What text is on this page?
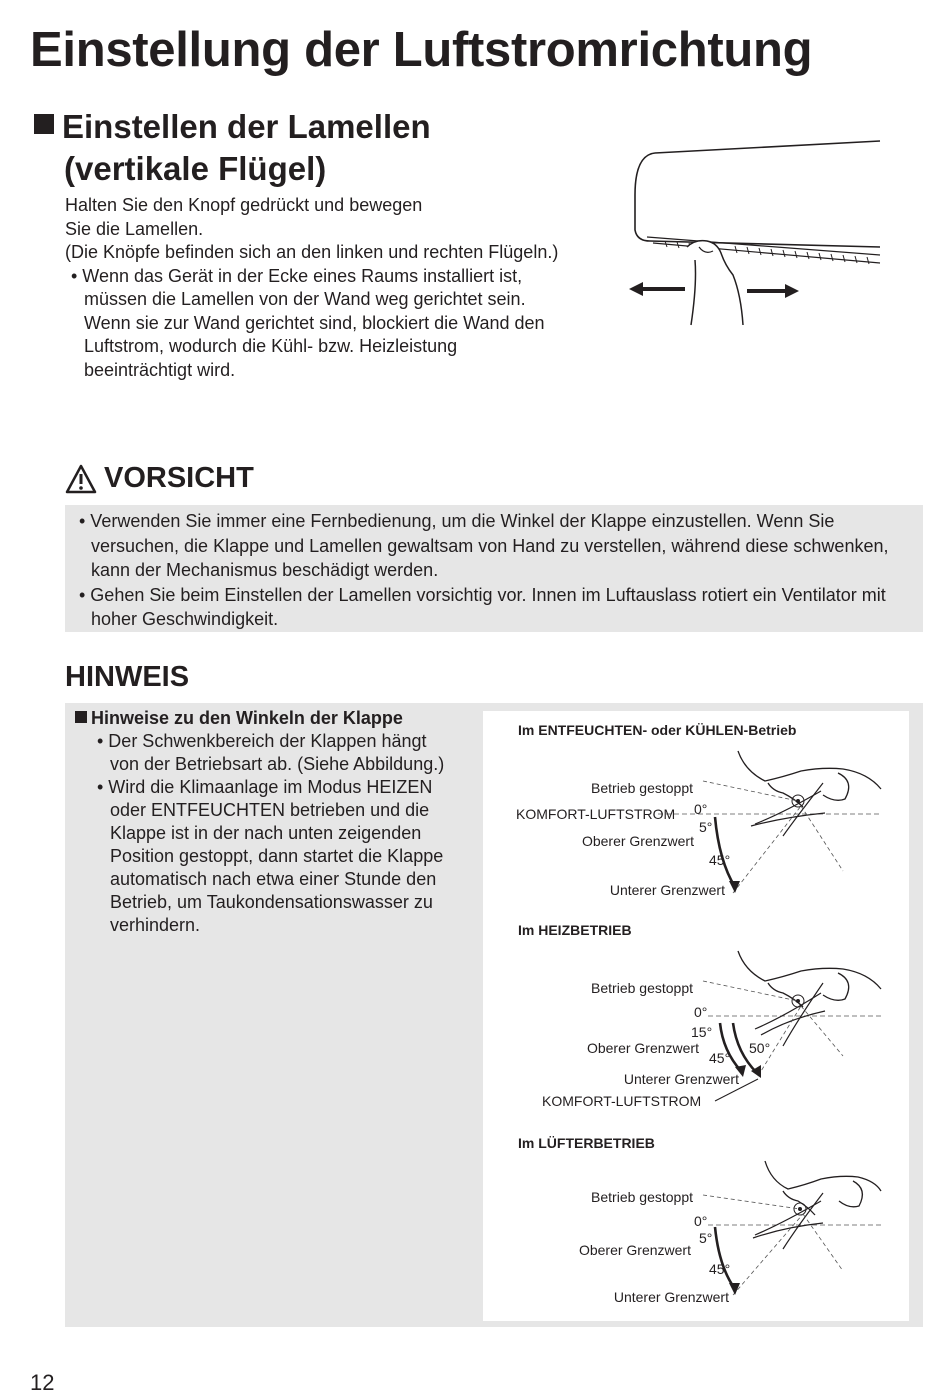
Einstellung der Luftstromrichtung
Einstellen der Lamellen
(vertikale Flügel)

Halten Sie den Knopf gedrückt und bewegen

Sie die Lamellen.

(Die Knöpfe befinden sich an den linken und rechten Flügeln.)

• Wenn das Gerät in der Ecke eines Raums installiert ist,

müssen die Lamellen von der Wand weg gerichtet sein.

Wenn sie zur Wand gerichtet sind, blockiert die Wand den

Luftstrom, wodurch die Kühl- bzw. Heizleistung

beeinträchtigt wird.

VORSICHT

• Verwenden Sie immer eine Fernbedienung, um die Winkel der Klappe einzustellen. Wenn Sie versuchen, die Klappe und Lamellen gewaltsam von Hand zu verstellen, während diese schwenken, kann der Mechanismus beschädigt werden.

• Gehen Sie beim Einstellen der Lamellen vorsichtig vor. Innen im Luftauslass rotiert ein Ventilator mit hoher Geschwindigkeit.

HINWEIS

Hinweise zu den Winkeln der Klappe

• Der Schwenkbereich der Klappen hängt

von der Betriebsart ab. (Siehe Abbildung.)

• Wird die Klimaanlage im Modus HEIZEN

oder ENTFEUCHTEN betrieben und die

Klappe ist in der nach unten zeigenden

Position gestoppt, dann startet die Klappe

automatisch nach etwa einer Stunde den

Betrieb, um Taukondensationswasser zu

verhindern.

Im ENTFEUCHTEN- oder KÜHLEN-Betrieb
Betrieb gestoppt
KOMFORT-LUFTSTROM 0°
5°
Oberer Grenzwert
45°
Unterer Grenzwert
Im HEIZBETRIEB
Betrieb gestoppt
0°
15°
Oberer Grenzwert
45°
50°
Unterer Grenzwert
KOMFORT-LUFTSTROM
Im LÜFTERBETRIEB
Betrieb gestoppt
0°
5°
Oberer Grenzwert
45°
Unterer Grenzwert
12
